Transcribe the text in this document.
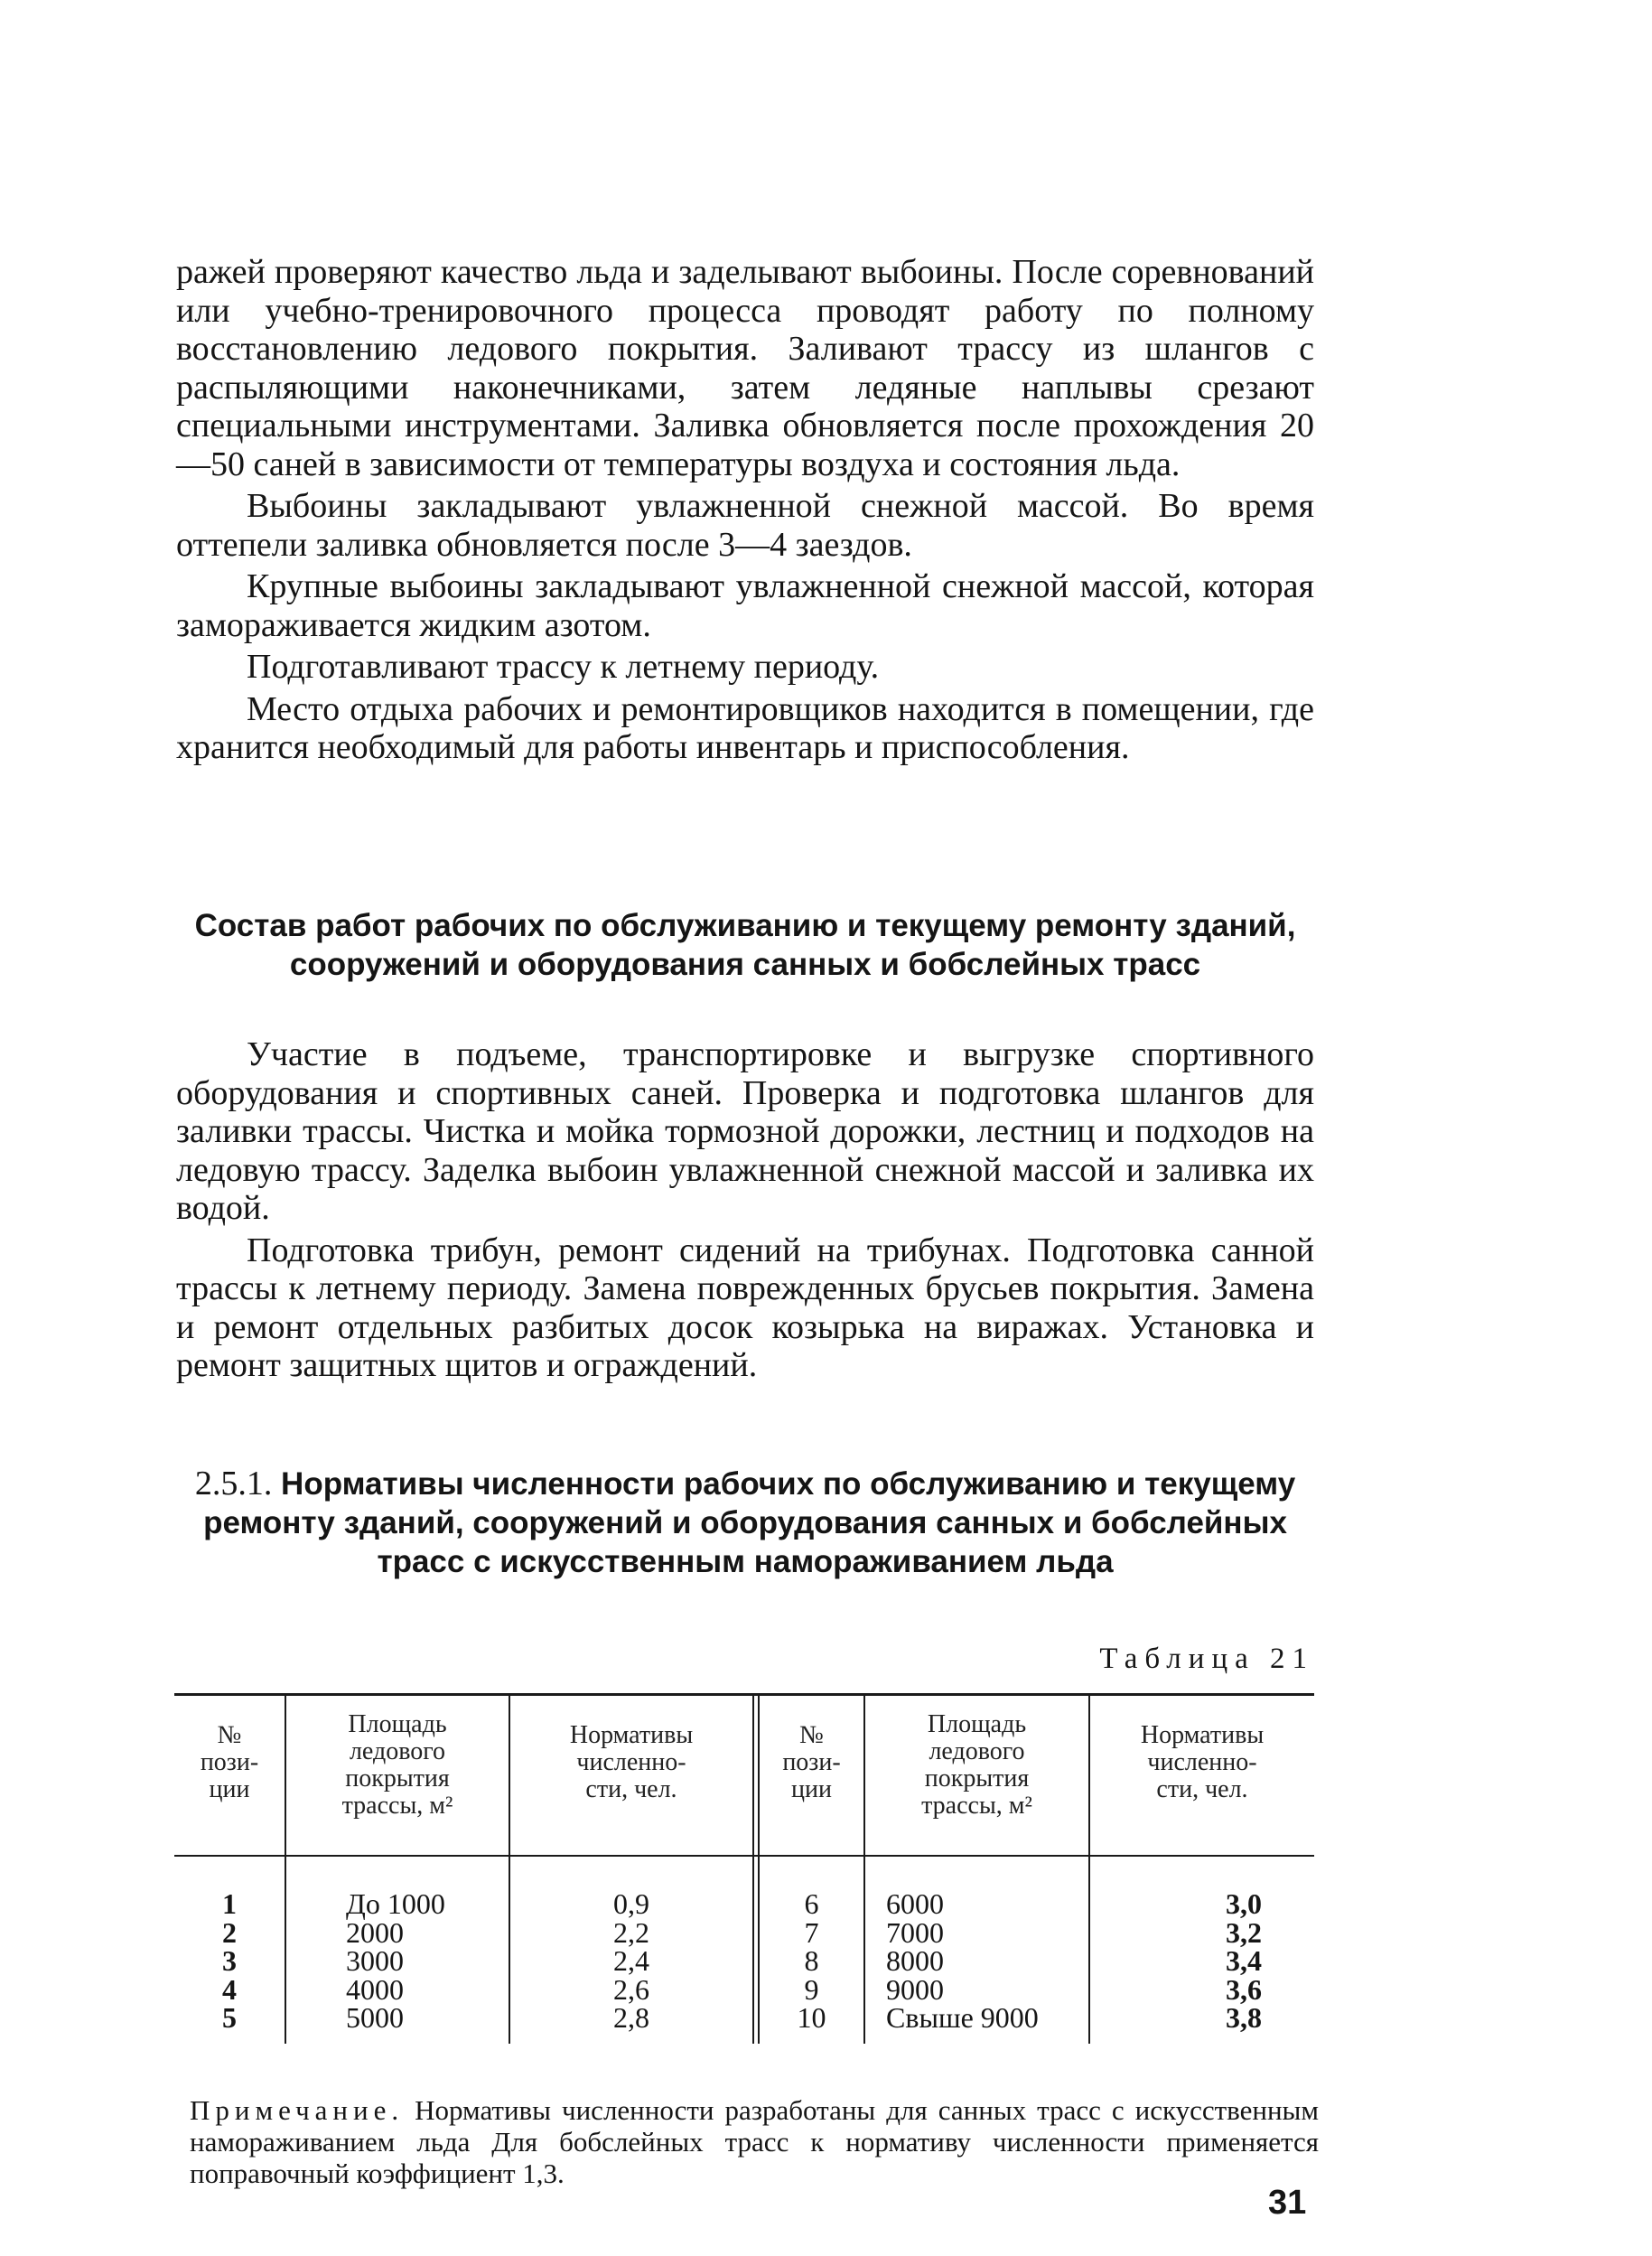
ражей проверяют качество льда и заделывают выбоины. После соревнований или учебно-тренировочного процесса проводят работу по полному восстановлению ледового покрытия. Заливают трассу из шлангов с распыляющими наконечниками, затем ледяные наплывы срезают специальными инструментами. Заливка обновляется после прохождения 20—50 саней в зависимости от температуры воздуха и состояния льда.

Выбоины закладывают увлажненной снежной массой. Во время оттепели заливка обновляется после 3—4 заездов.

Крупные выбоины закладывают увлажненной снежной массой, которая замораживается жидким азотом.

Подготавливают трассу к летнему периоду.

Место отдыха рабочих и ремонтировщиков находится в помещении, где хранится необходимый для работы инвентарь и приспособления.

Состав работ рабочих по обслуживанию и текущему ремонту зданий, сооружений и оборудования санных и бобслейных трасс

Участие в подъеме, транспортировке и выгрузке спортивного оборудования и спортивных саней. Проверка и подготовка шлангов для заливки трассы. Чистка и мойка тормозной дорожки, лестниц и подходов на ледовую трассу. Заделка выбоин увлажненной снежной массой и заливка их водой.

Подготовка трибун, ремонт сидений на трибунах. Подготовка санной трассы к летнему периоду. Замена поврежденных брусьев покрытия. Замена и ремонт отдельных разбитых досок козырька на виражах. Установка и ремонт защитных щитов и ограждений.

2.5.1. Нормативы численности рабочих по обслуживанию и текущему ремонту зданий, сооружений и оборудования санных и бобслейных трасс с искусственным намораживанием льда

Таблица 21
№
пози-
ции
Площадь
ледового
покрытия
трассы, м²
Нормативы
численно-
сти, чел.
№
пози-
ции
Площадь
ледового
покрытия
трассы, м²
Нормативы
численно-
сти, чел.
1
2
3
4
5
До 1000
2000
3000
4000
5000
0,9
2,2
2,4
2,6
2,8
6
7
8
9
10
6000
7000
8000
9000
Свыше 9000
3,0
3,2
3,4
3,6
3,8

Примечание. Нормативы численности разработаны для санных трасс с искусственным намораживанием льда Для бобслейных трасс к нормативу численности применяется поправочный коэффициент 1,3.

31
